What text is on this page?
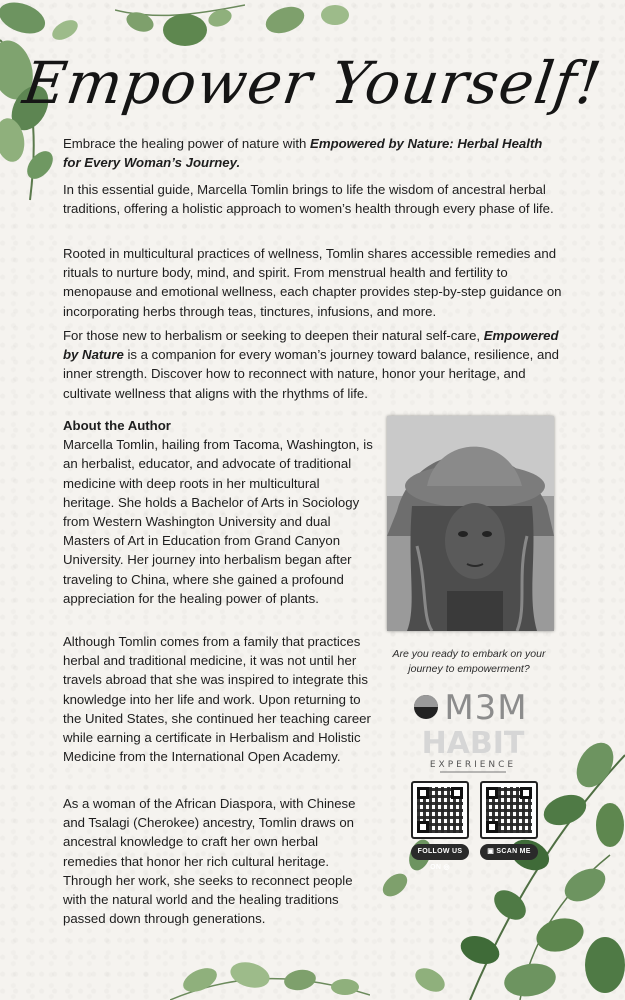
Empower Yourself!

Embrace the healing power of nature with Empowered by Nature: Herbal Health for Every Woman’s Journey.

In this essential guide, Marcella Tomlin brings to life the wisdom of ancestral herbal traditions, offering a holistic approach to women’s health through every phase of life.

Rooted in multicultural practices of wellness, Tomlin shares accessible remedies and rituals to nurture body, mind, and spirit. From menstrual health and fertility to menopause and emotional wellness, each chapter provides step-by-step guidance on incorporating herbs through teas, tinctures, infusions, and more.

For those new to herbalism or seeking to deepen their natural self-care, Empowered by Nature is a companion for every woman’s journey toward balance, resilience, and inner strength. Discover how to reconnect with nature, honor your heritage, and cultivate wellness that aligns with the rhythms of life.

About the Author

Marcella Tomlin, hailing from Tacoma, Washington, is an herbalist, educator, and advocate of traditional medicine with deep roots in her multicultural heritage. She holds a Bachelor of Arts in Sociology from Western Washington University and dual Masters of Art in Education from Grand Canyon University. Her journey into herbalism began after traveling to China, where she gained a profound appreciation for the healing power of plants.

Although Tomlin comes from a family that practices herbal and traditional medicine, it was not until her travels abroad that she was inspired to integrate this knowledge into her life and work. Upon returning to the United States, she continued her teaching career while earning a certificate in Herbalism and Holistic Medicine from the International Open Academy.

As a woman of the African Diaspora, with Chinese and Tsalagi (Cherokee) ancestry, Tomlin draws on ancestral knowledge to craft her own herbal remedies that honor her rich cultural heritage. Through her work, she seeks to reconnect people with the natural world and the healing traditions passed down through generations.

Are you ready to embark on your journey to empowerment?
M3M
HABIT
EXPERIENCE
FOLLOW US ON ◎
▣ SCAN ME
